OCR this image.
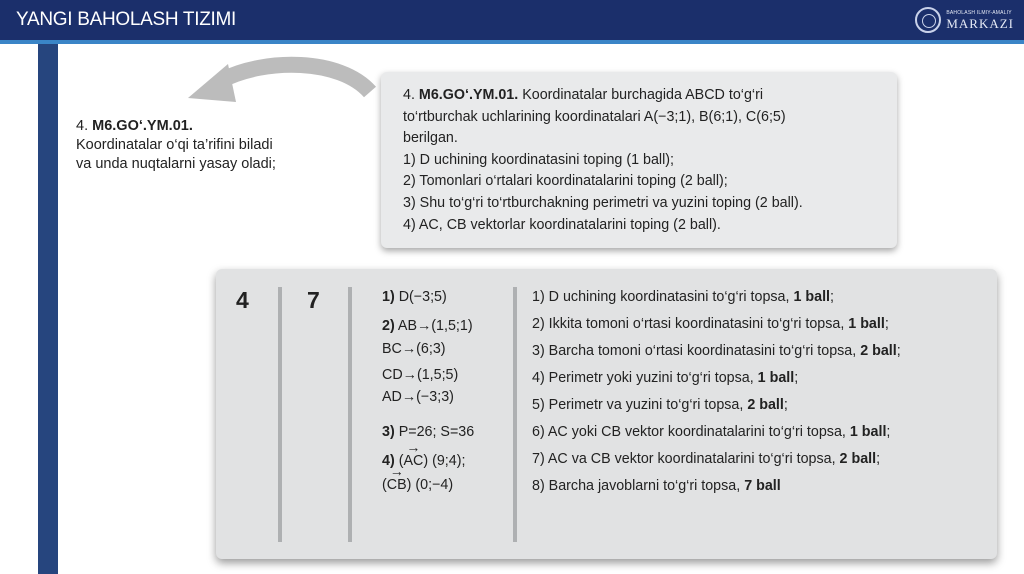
YANGI BAHOLASH TIZIMI	BAHOLASH ILMIY-AMALIY
MARKAZI
4. M6.GO‘.YM.01.
Koordinatalar o‘qi ta’rifini biladi
va unda nuqtalarni yasay oladi;
4. M6.GO‘.YM.01. Koordinatalar burchagida ABCD to‘g‘ri
to‘rtburchak uchlarining koordinatalari A(−3;1), B(6;1), C(6;5)
berilgan.
1) D uchining koordinatasini toping (1 ball);
2) Tomonlari o‘rtalari koordinatalarini toping (2 ball);
3) Shu to‘g‘ri to‘rtburchakning perimetri va yuzini toping (2 ball).
4) AC, CB vektorlar koordinatalarini toping (2 ball).
4	7	1) D(−3;5)
2) AB→(1,5;1)
BC→(6;3)
CD→(1,5;5)
AD→(−3;3)
3) P=26; S=36
4) (→ AC) (9;4);
(→ CB) (0;−4)
1) D uchining koordinatasini to‘g‘ri topsa, 1 ball;
2) Ikkita tomoni o‘rtasi koordinatasini to‘g‘ri topsa, 1 ball;
3) Barcha tomoni o‘rtasi koordinatasini to‘g‘ri topsa, 2 ball;
4) Perimetr yoki yuzini to‘g‘ri topsa, 1 ball;
5) Perimetr va yuzini to‘g‘ri topsa, 2 ball;
6) AC yoki CB vektor koordinatalarini to‘g‘ri topsa, 1 ball;
7) AC va CB vektor koordinatalarini to‘g‘ri topsa, 2 ball;
8) Barcha javoblarni to‘g‘ri topsa, 7 ball
